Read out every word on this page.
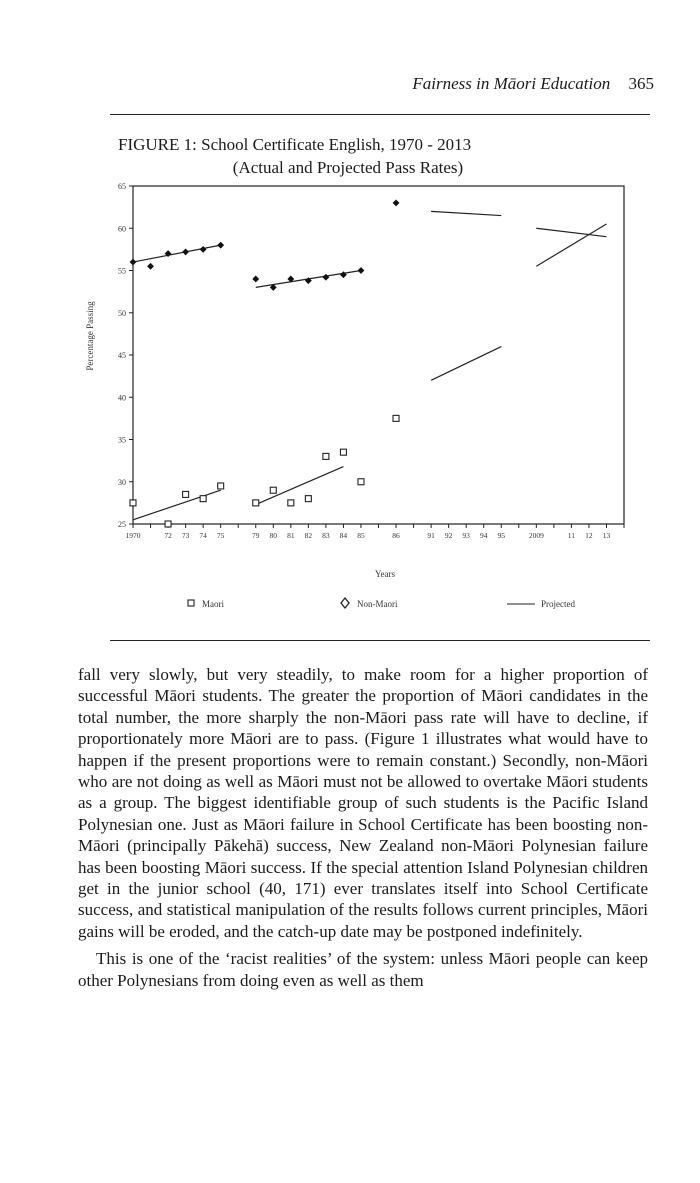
Fairness in Māori Education 365
FIGURE 1: School Certificate English, 1970 - 2013
(Actual and Projected Pass Rates)
25
30
35
40
45
50
55
60
65
1970	72 73 74 75	79 80 81 82 83 84 85	86	91 92 93 94 95	2009	11 12 13
Percentage Passing
Years
Maori	Non-Maori	Projected

fall very slowly, but very steadily, to make room for a higher proportion of successful Māori students. The greater the proportion of Māori candidates in the total number, the more sharply the non-Māori pass rate will have to decline, if proportionately more Māori are to pass. (Figure 1 illustrates what would have to happen if the present proportions were to remain constant.) Secondly, non-Māori who are not doing as well as Māori must not be allowed to overtake Māori students as a group. The biggest identifiable group of such students is the Pacific Island Polynesian one. Just as Māori failure in School Certificate has been boosting non-Māori (principally Pākehā) success, New Zealand non-Māori Polynesian failure has been boosting Māori success. If the special attention Island Polynesian children get in the junior school (40, 171) ever translates itself into School Certificate success, and statistical manipulation of the results follows current principles, Māori gains will be eroded, and the catch-up date may be postponed indefinitely.

This is one of the ‘racist realities’ of the system: unless Māori people can keep other Polynesians from doing even as well as them
